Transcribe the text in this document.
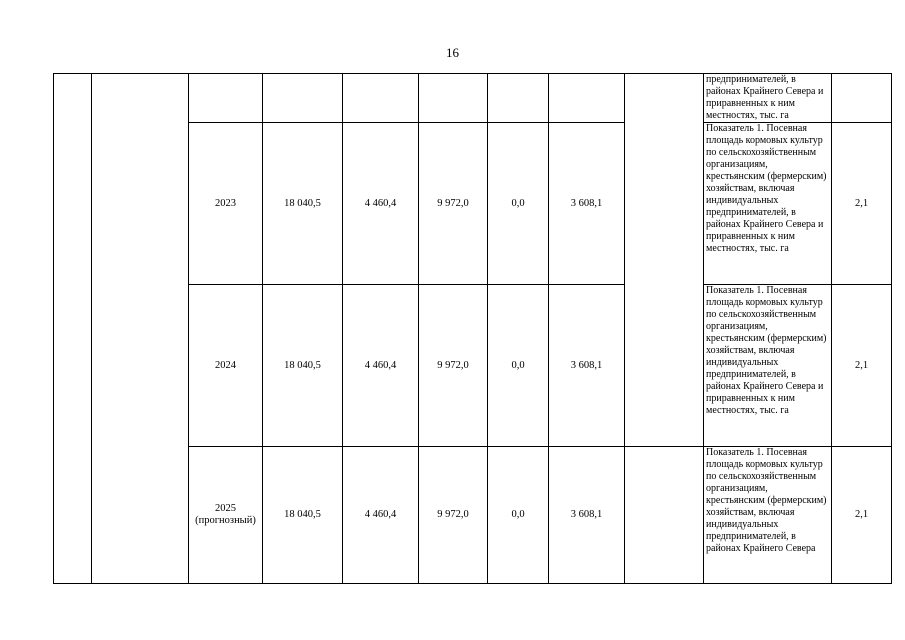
16
									предпринимателей, в районах Крайнего Севера и приравненных к ним местностях, тыс. га	
		2023	18 040,5	4 460,4	9 972,0	0,0	3 608,1		Показатель 1. Посевная площадь кормовых культур по сельскохозяйственным организациям, крестьянским (фермерским) хозяйствам, включая индивидуальных предпринимателей, в районах Крайнего Севера и приравненных к ним местностях, тыс. га	2,1
		2024	18 040,5	4 460,4	9 972,0	0,0	3 608,1		Показатель 1. Посевная площадь кормовых культур по сельскохозяйственным организациям, крестьянским (фермерским) хозяйствам, включая индивидуальных предпринимателей, в районах Крайнего Севера и приравненных к ним местностях, тыс. га	2,1
		2025 (прогнозный)	18 040,5	4 460,4	9 972,0	0,0	3 608,1		Показатель 1. Посевная площадь кормовых культур по сельскохозяйственным организациям, крестьянским (фермерским) хозяйствам, включая индивидуальных предпринимателей, в районах Крайнего Севера	2,1
